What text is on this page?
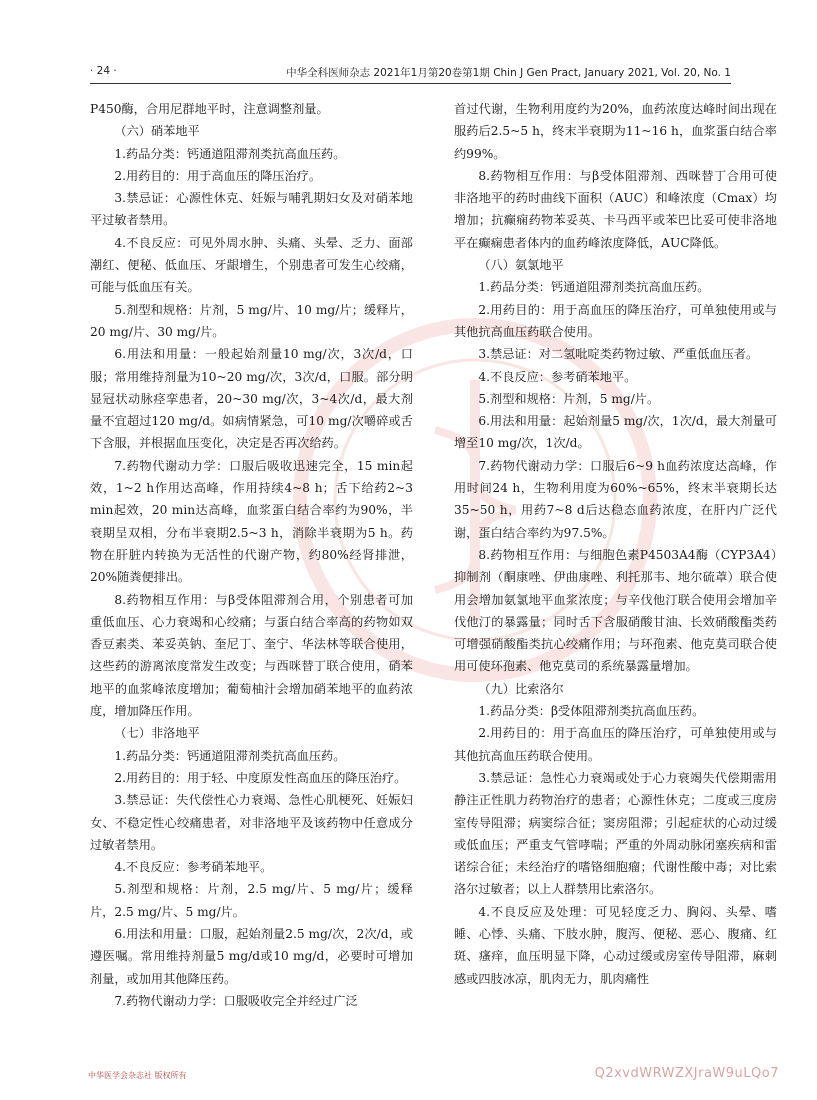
· 24 ·	中华全科医师杂志 2021年1月第20卷第1期 Chin J Gen Pract, January 2021, Vol. 20, No. 1

P450酶，合用尼群地平时，注意调整剂量。

（六）硝苯地平

1.药品分类：钙通道阻滞剂类抗高血压药。

2.用药目的：用于高血压的降压治疗。

3.禁忌证：心源性休克、妊娠与哺乳期妇女及对硝苯地平过敏者禁用。

4.不良反应：可见外周水肿、头痛、头晕、乏力、面部潮红、便秘、低血压、牙龈增生，个别患者可发生心绞痛，可能与低血压有关。

5.剂型和规格：片剂，5 mg/片、10 mg/片；缓释片，20 mg/片、30 mg/片。

6.用法和用量：一般起始剂量10 mg/次，3次/d，口服；常用维持剂量为10~20 mg/次，3次/d，口服。部分明显冠状动脉痉挛患者，20~30 mg/次，3~4次/d，最大剂量不宜超过120 mg/d。如病情紧急，可10 mg/次嚼碎或舌下含服，并根据血压变化，决定是否再次给药。

7.药物代谢动力学：口服后吸收迅速完全，15 min起效，1~2 h作用达高峰，作用持续4~8 h；舌下给药2~3 min起效，20 min达高峰，血浆蛋白结合率约为90%，半衰期呈双相，分布半衰期2.5~3 h，消除半衰期为5 h。药物在肝脏内转换为无活性的代谢产物，约80%经肾排泄，20%随粪便排出。

8.药物相互作用：与β受体阻滞剂合用，个别患者可加重低血压、心力衰竭和心绞痛；与蛋白结合率高的药物如双香豆素类、苯妥英钠、奎尼丁、奎宁、华法林等联合使用，这些药的游离浓度常发生改变；与西咪替丁联合使用，硝苯地平的血浆峰浓度增加；葡萄柚汁会增加硝苯地平的血药浓度，增加降压作用。

（七）非洛地平

1.药品分类：钙通道阻滞剂类抗高血压药。

2.用药目的：用于轻、中度原发性高血压的降压治疗。

3.禁忌证：失代偿性心力衰竭、急性心肌梗死、妊娠妇女、不稳定性心绞痛患者，对非洛地平及该药物中任意成分过敏者禁用。

4.不良反应：参考硝苯地平。

5.剂型和规格：片剂，2.5 mg/片、5 mg/片；缓释片，2.5 mg/片、5 mg/片。

6.用法和用量：口服，起始剂量2.5 mg/次，2次/d，或遵医嘱。常用维持剂量5 mg/d或10 mg/d，必要时可增加剂量，或加用其他降压药。

7.药物代谢动力学：口服吸收完全并经过广泛

首过代谢，生物利用度约为20%，血药浓度达峰时间出现在服药后2.5~5 h，终末半衰期为11~16 h，血浆蛋白结合率约99%。

8.药物相互作用：与β受体阻滞剂、西咪替丁合用可使非洛地平的药时曲线下面积（AUC）和峰浓度（Cmax）均增加；抗癫痫药物苯妥英、卡马西平或苯巴比妥可使非洛地平在癫痫患者体内的血药峰浓度降低，AUC降低。

（八）氨氯地平

1.药品分类：钙通道阻滞剂类抗高血压药。

2.用药目的：用于高血压的降压治疗，可单独使用或与其他抗高血压药联合使用。

3.禁忌证：对二氢吡啶类药物过敏、严重低血压者。

4.不良反应：参考硝苯地平。

5.剂型和规格：片剂，5 mg/片。

6.用法和用量：起始剂量5 mg/次，1次/d，最大剂量可增至10 mg/次，1次/d。

7.药物代谢动力学：口服后6~9 h血药浓度达高峰，作用时间24 h，生物利用度为60%~65%，终末半衰期长达35~50 h，用药7~8 d后达稳态血药浓度，在肝内广泛代谢，蛋白结合率约为97.5%。

8.药物相互作用：与细胞色素P4503A4酶（CYP3A4）抑制剂（酮康唑、伊曲康唑、利托那韦、地尔硫䓬）联合使用会增加氨氯地平血浆浓度；与辛伐他汀联合使用会增加辛伐他汀的暴露量；同时舌下含服硝酸甘油、长效硝酸酯类药可增强硝酸酯类抗心绞痛作用；与环孢素、他克莫司联合使用可使环孢素、他克莫司的系统暴露量增加。

（九）比索洛尔

1.药品分类：β受体阻滞剂类抗高血压药。

2.用药目的：用于高血压的降压治疗，可单独使用或与其他抗高血压药联合使用。

3.禁忌证：急性心力衰竭或处于心力衰竭失代偿期需用静注正性肌力药物治疗的患者；心源性休克；二度或三度房室传导阻滞；病窦综合征；窦房阻滞；引起症状的心动过缓或低血压；严重支气管哮喘；严重的外周动脉闭塞疾病和雷诺综合征；未经治疗的嗜铬细胞瘤；代谢性酸中毒；对比索洛尔过敏者；以上人群禁用比索洛尔。

4.不良反应及处理：可见轻度乏力、胸闷、头晕、嗜睡、心悸、头痛、下肢水肿，腹泻、便秘、恶心、腹痛、红斑、瘙痒，血压明显下降，心动过缓或房室传导阻滞，麻刺感或四肢冰凉，肌肉无力，肌肉痛性

中华医学会杂志社 版权所有	Q2xvdWRWZXJraW9uLQo7
